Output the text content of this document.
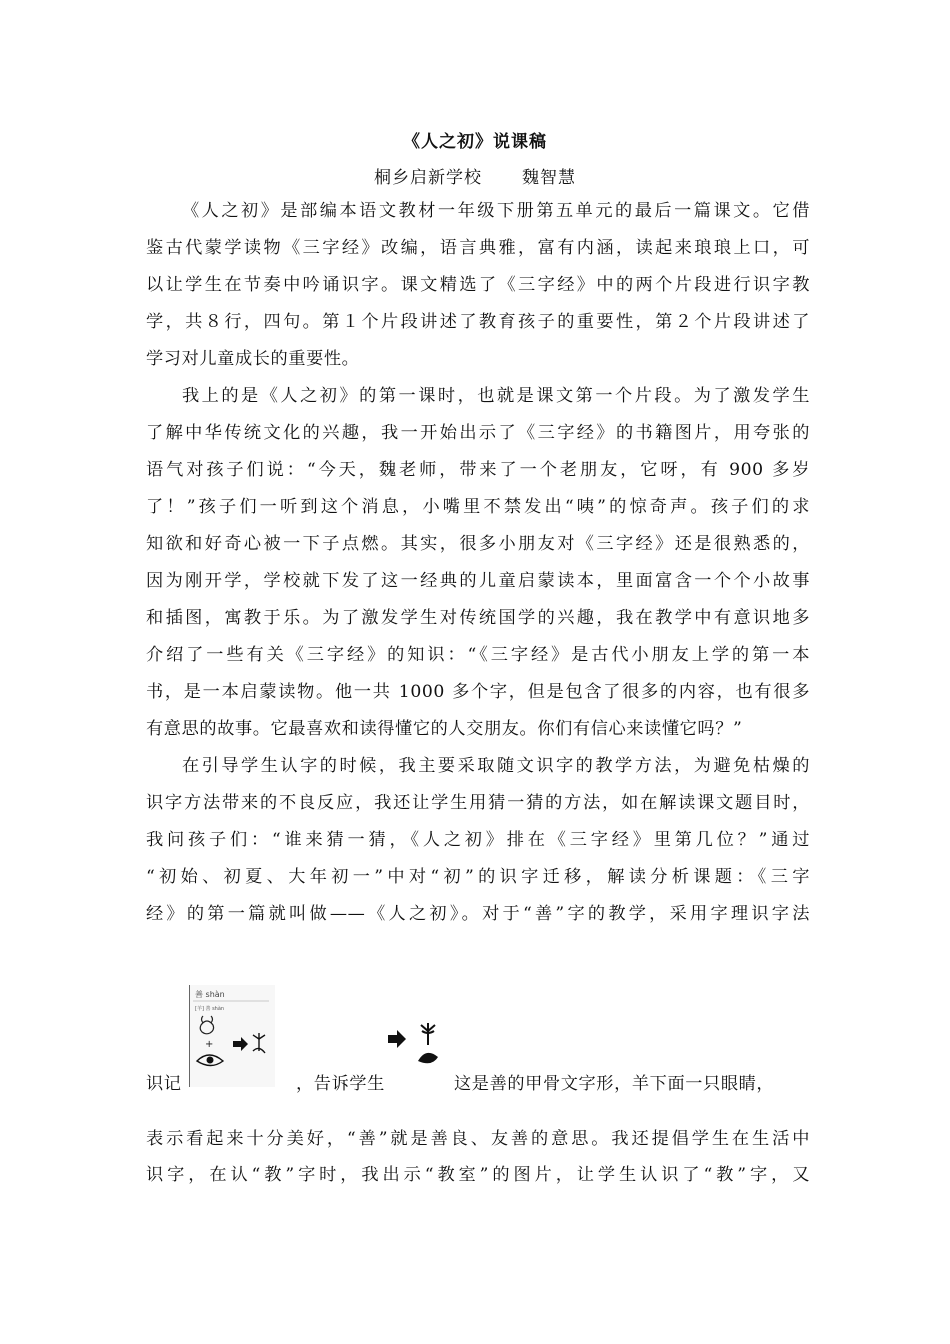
《人之初》说课稿
桐乡启新学校 魏智慧
《人之初》是部编本语文教材一年级下册第五单元的最后一篇课文。它借
鉴古代蒙学读物《三字经》改编，语言典雅，富有内涵，读起来琅琅上口，可
以让学生在节奏中吟诵识字。课文精选了《三字经》中的两个片段进行识字教
学，共８行，四句。第１个片段讲述了教育孩子的重要性，第２个片段讲述了
学习对儿童成长的重要性。
我上的是《人之初》的第一课时，也就是课文第一个片段。为了激发学生
了解中华传统文化的兴趣，我一开始出示了《三字经》的书籍图片，用夸张的
语气对孩子们说：“今天，魏老师，带来了一个老朋友，它呀，有 900 多岁
了！”孩子们一听到这个消息，小嘴里不禁发出“咦”的惊奇声。孩子们的求
知欲和好奇心被一下子点燃。其实，很多小朋友对《三字经》还是很熟悉的，
因为刚开学，学校就下发了这一经典的儿童启蒙读本，里面富含一个个小故事
和插图，寓教于乐。为了激发学生对传统国学的兴趣，我在教学中有意识地多
介绍了一些有关《三字经》的知识：“《三字经》是古代小朋友上学的第一本
书，是一本启蒙读物。他一共 1000 多个字，但是包含了很多的内容，也有很多
有意思的故事。它最喜欢和读得懂它的人交朋友。你们有信心来读懂它吗？”
在引导学生认字的时候，我主要采取随文识字的教学方法，为避免枯燥的
识字方法带来的不良反应，我还让学生用猜一猜的方法，如在解读课文题目时，
我问孩子们：“谁来猜一猜，《人之初》排在《三字经》里第几位？”通过
“初始、初夏、大年初一”中对“初”的识字迁移，解读分析课题：《三字
经》的第一篇就叫做——《人之初》。对于“善”字的教学，采用字理识字法
识记
善 shàn
[羊] 善 shàn
+
，告诉学生	这是善的甲骨文字形，羊下面一只眼睛，
表示看起来十分美好，“善”就是善良、友善的意思。我还提倡学生在生活中
识字，在认“教”字时，我出示“教室”的图片，让学生认识了“教”字，又
